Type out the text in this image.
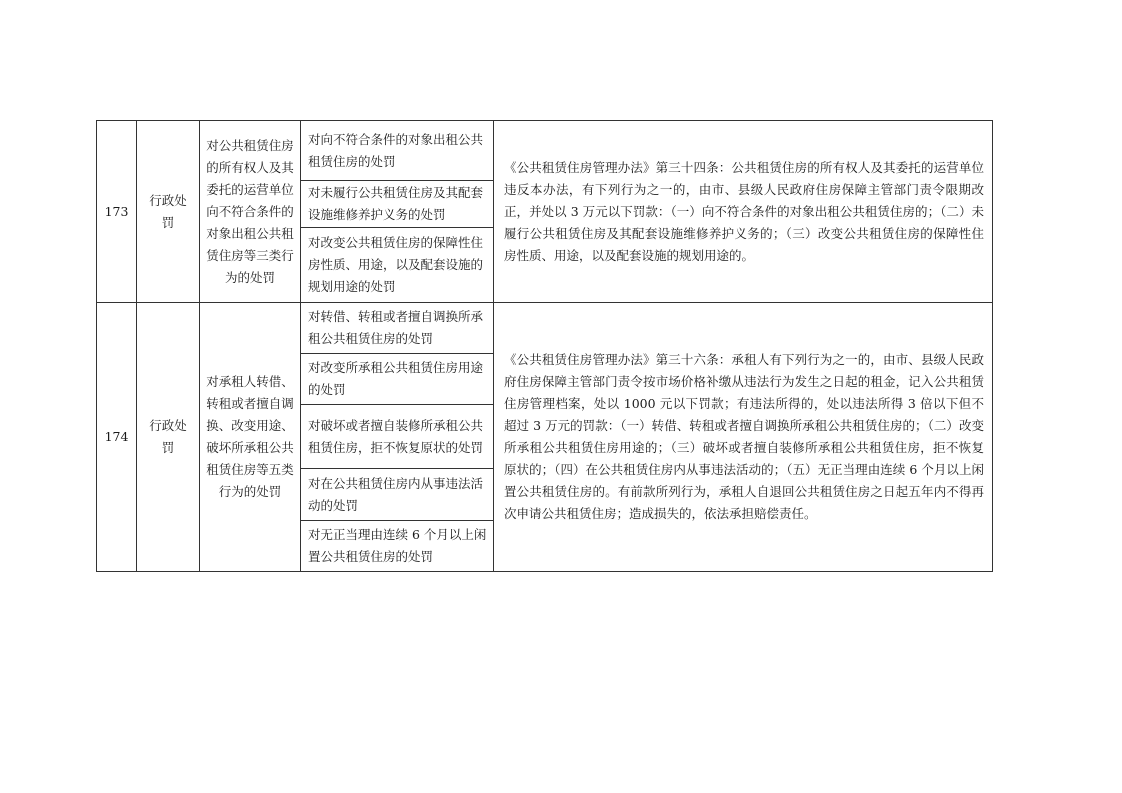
173	行政处罚	对公共租赁住房的所有权人及其委托的运营单位向不符合条件的对象出租公共租赁住房等三类行为的处罚	对向不符合条件的对象出租公共租赁住房的处罚	《公共租赁住房管理办法》第三十四条：公共租赁住房的所有权人及其委托的运营单位违反本办法，有下列行为之一的，由市、县级人民政府住房保障主管部门责令限期改正，并处以 3 万元以下罚款：（一）向不符合条件的对象出租公共租赁住房的；（二）未履行公共租赁住房及其配套设施维修养护义务的；（三）改变公共租赁住房的保障性住房性质、用途，以及配套设施的规划用途的。

			对未履行公共租赁住房及其配套设施维修养护义务的处罚	

			对改变公共租赁住房的保障性住房性质、用途，以及配套设施的规划用途的处罚	

174	行政处罚	对承租人转借、转租或者擅自调换、改变用途、破坏所承租公共租赁住房等五类行为的处罚	对转借、转租或者擅自调换所承租公共租赁住房的处罚	《公共租赁住房管理办法》第三十六条：承租人有下列行为之一的，由市、县级人民政府住房保障主管部门责令按市场价格补缴从违法行为发生之日起的租金，记入公共租赁住房管理档案，处以 1000 元以下罚款；有违法所得的，处以违法所得 3 倍以下但不超过 3 万元的罚款：（一）转借、转租或者擅自调换所承租公共租赁住房的；（二）改变所承租公共租赁住房用途的；（三）破坏或者擅自装修所承租公共租赁住房，拒不恢复原状的；（四）在公共租赁住房内从事违法活动的；（五）无正当理由连续 6 个月以上闲置公共租赁住房的。有前款所列行为，承租人自退回公共租赁住房之日起五年内不得再次申请公共租赁住房；造成损失的，依法承担赔偿责任。

			对改变所承租公共租赁住房用途的处罚	

			对破坏或者擅自装修所承租公共租赁住房，拒不恢复原状的处罚	

			对在公共租赁住房内从事违法活动的处罚	

			对无正当理由连续 6 个月以上闲置公共租赁住房的处罚	
